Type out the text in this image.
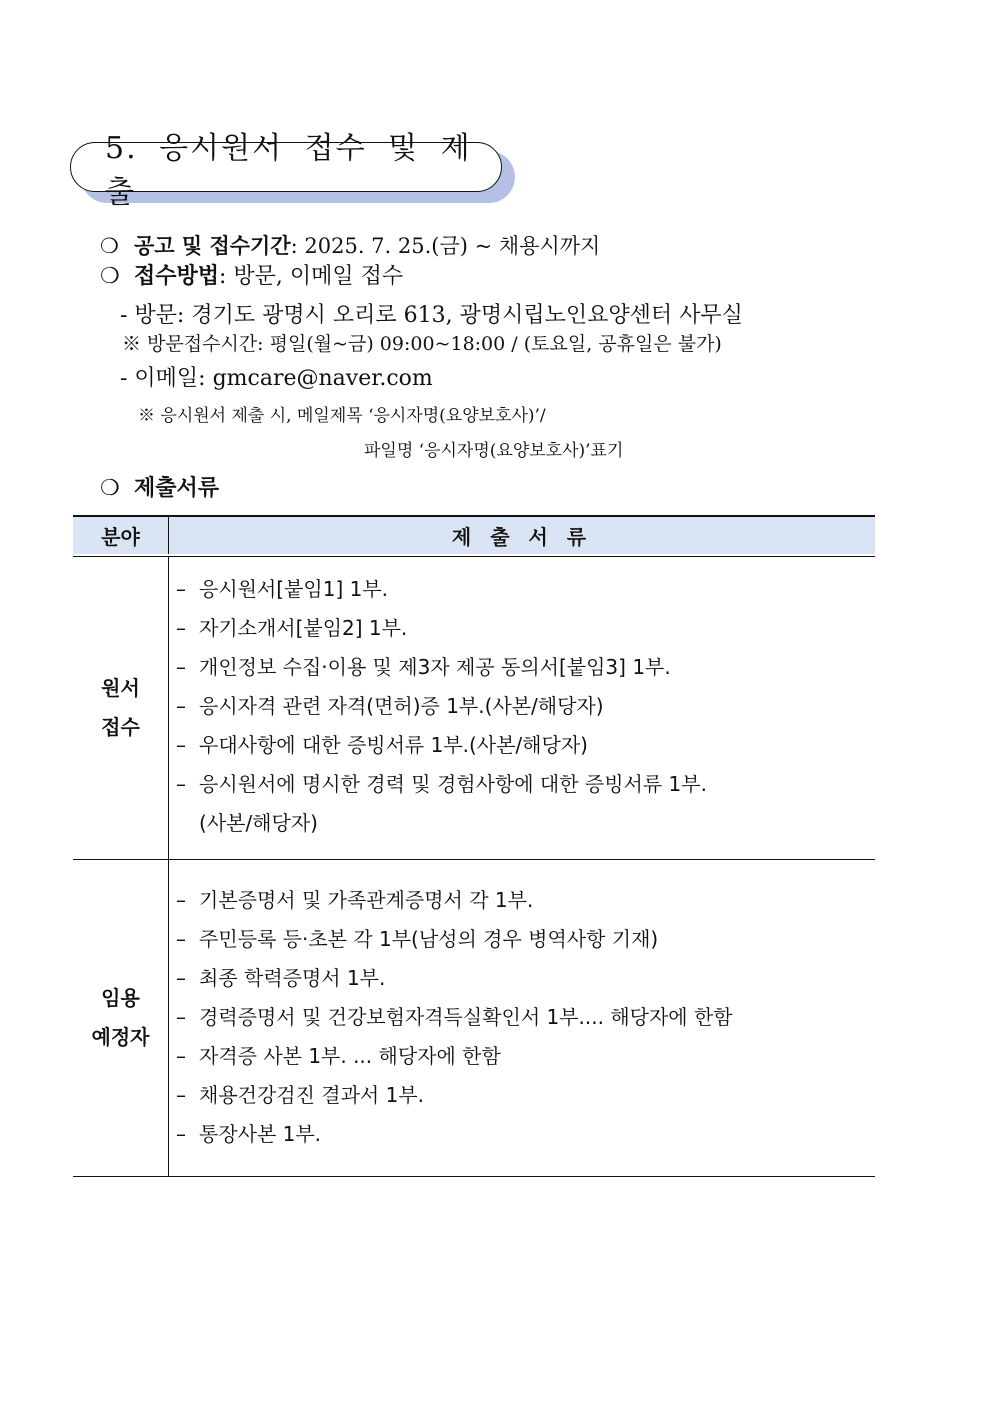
5. 응시원서 접수 및 제출
❍ 공고 및 접수기간: 2025. 7. 25.(금) ~ 채용시까지
❍ 접수방법: 방문, 이메일 접수
- 방문: 경기도 광명시 오리로 613, 광명시립노인요양센터 사무실
※ 방문접수시간: 평일(월~금) 09:00~18:00 / (토요일, 공휴일은 불가)
- 이메일: gmcare@naver.com
※ 응시원서 제출 시, 메일제목 ‘응시자명(요양보호사)’/
파일명 ‘응시자명(요양보호사)’표기
❍ 제출서류
분야	제 출 서 류
원서
접수
– 응시원서[붙임1] 1부.
– 자기소개서[붙임2] 1부.
– 개인정보 수집·이용 및 제3자 제공 동의서[붙임3] 1부.
– 응시자격 관련 자격(면허)증 1부.(사본/해당자)
– 우대사항에 대한 증빙서류 1부.(사본/해당자)
– 응시원서에 명시한 경력 및 경험사항에 대한 증빙서류 1부.
(사본/해당자)
임용
예정자
– 기본증명서 및 가족관계증명서 각 1부.
– 주민등록 등·초본 각 1부(남성의 경우 병역사항 기재)
– 최종 학력증명서 1부.
– 경력증명서 및 건강보험자격득실확인서 1부.... 해당자에 한함
– 자격증 사본 1부. ... 해당자에 한함
– 채용건강검진 결과서 1부.
– 통장사본 1부.
